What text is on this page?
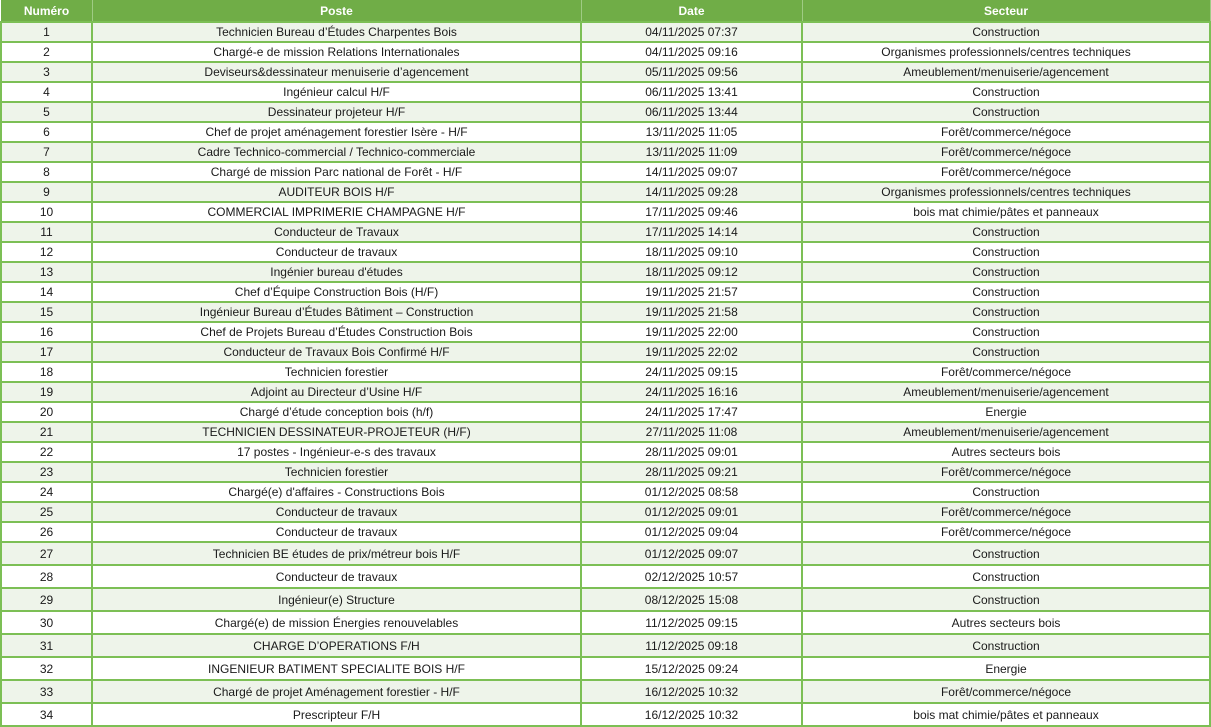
Numéro	Poste	Date	Secteur
1	Technicien Bureau d’Études Charpentes Bois	04/11/2025 07:37	Construction
2	Chargé-e de mission Relations Internationales	04/11/2025 09:16	Organismes professionnels/centres techniques
3	Deviseurs&dessinateur menuiserie d’agencement	05/11/2025 09:56	Ameublement/menuiserie/agencement
4	Ingénieur calcul H/F	06/11/2025 13:41	Construction
5	Dessinateur projeteur H/F	06/11/2025 13:44	Construction
6	Chef de projet aménagement forestier Isère - H/F	13/11/2025 11:05	Forêt/commerce/négoce
7	Cadre Technico-commercial / Technico-commerciale	13/11/2025 11:09	Forêt/commerce/négoce
8	Chargé de mission Parc national de Forêt - H/F	14/11/2025 09:07	Forêt/commerce/négoce
9	AUDITEUR BOIS H/F	14/11/2025 09:28	Organismes professionnels/centres techniques
10	COMMERCIAL IMPRIMERIE CHAMPAGNE H/F	17/11/2025 09:46	bois mat chimie/pâtes et panneaux
11	Conducteur de Travaux	17/11/2025 14:14	Construction
12	Conducteur de travaux	18/11/2025 09:10	Construction
13	Ingénier bureau d'études	18/11/2025 09:12	Construction
14	Chef d’Équipe Construction Bois (H/F)	19/11/2025 21:57	Construction
15	Ingénieur Bureau d’Études Bâtiment – Construction	19/11/2025 21:58	Construction
16	Chef de Projets Bureau d’Études Construction Bois	19/11/2025 22:00	Construction
17	Conducteur de Travaux Bois Confirmé H/F	19/11/2025 22:02	Construction
18	Technicien forestier	24/11/2025 09:15	Forêt/commerce/négoce
19	Adjoint au Directeur d’Usine H/F	24/11/2025 16:16	Ameublement/menuiserie/agencement
20	Chargé d’étude conception bois (h/f)	24/11/2025 17:47	Energie
21	TECHNICIEN DESSINATEUR-PROJETEUR (H/F)	27/11/2025 11:08	Ameublement/menuiserie/agencement
22	17 postes - Ingénieur-e-s des travaux	28/11/2025 09:01	Autres secteurs bois
23	Technicien forestier	28/11/2025 09:21	Forêt/commerce/négoce
24	Chargé(e) d'affaires - Constructions Bois	01/12/2025 08:58	Construction
25	Conducteur de travaux	01/12/2025 09:01	Forêt/commerce/négoce
26	Conducteur de travaux	01/12/2025 09:04	Forêt/commerce/négoce
27	Technicien BE études de prix/métreur bois H/F	01/12/2025 09:07	Construction
28	Conducteur de travaux	02/12/2025 10:57	Construction
29	Ingénieur(e) Structure	08/12/2025 15:08	Construction
30	Chargé(e) de mission Énergies renouvelables	11/12/2025 09:15	Autres secteurs bois
31	CHARGE D’OPERATIONS F/H	11/12/2025 09:18	Construction
32	INGENIEUR BATIMENT SPECIALITE BOIS H/F	15/12/2025 09:24	Energie
33	Chargé de projet Aménagement forestier - H/F	16/12/2025 10:32	Forêt/commerce/négoce
34	Prescripteur F/H	16/12/2025 10:32	bois mat chimie/pâtes et panneaux
